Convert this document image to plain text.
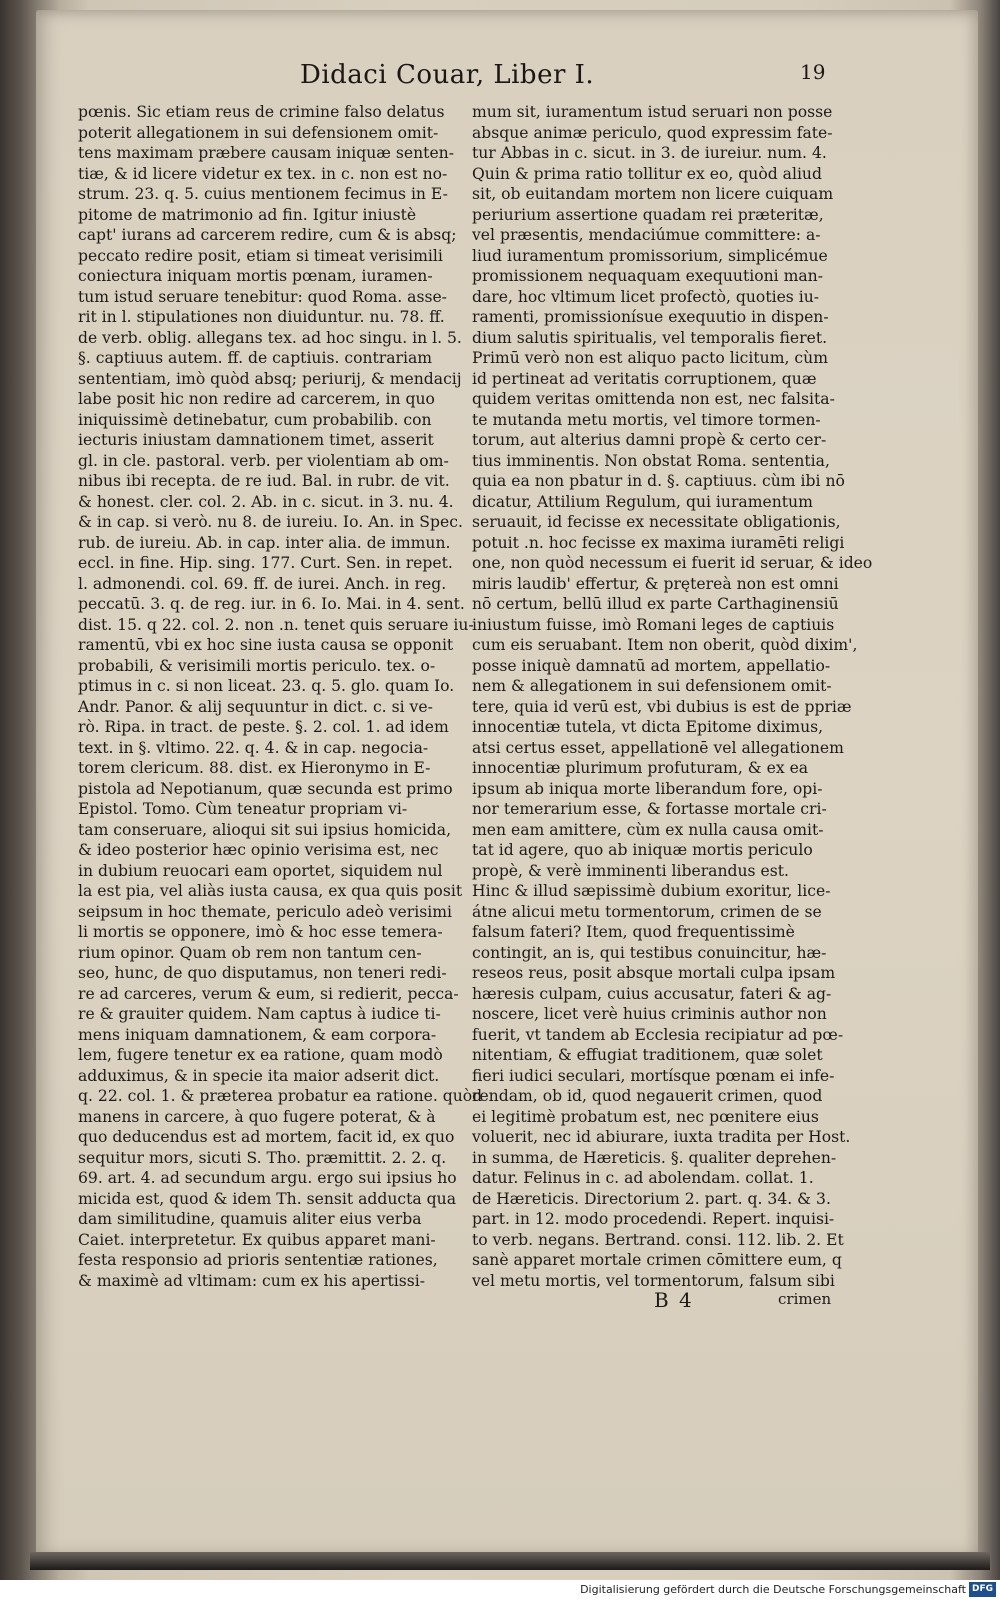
Didaci Couar, Liber I.	19
pœnis. Sic etiam reus de crimine falso delatus
poterit allegationem in sui defensionem omit-
tens maximam præbere causam iniquæ senten-
tiæ, & id licere videtur ex tex. in c. non est no-
strum. 23. q. 5. cuius mentionem fecimus in E-
pitome de matrimonio ad fin. Igitur iniustè
capt' iurans ad carcerem redire, cum & is absq;
peccato redire posit, etiam si timeat verisimili
coniectura iniquam mortis pœnam, iuramen-
tum istud seruare tenebitur: quod Roma. asse-
rit in l. stipulationes non diuiduntur. nu. 78. ff.
de verb. oblig. allegans tex. ad hoc singu. in l. 5.
§. captiuus autem. ff. de captiuis. contrariam
sententiam, imò quòd absq; periurij, & mendacij
labe posit hic non redire ad carcerem, in quo
iniquissimè detinebatur, cum probabilib. con
iecturis iniustam damnationem timet, asserit
gl. in cle. pastoral. verb. per violentiam ab om-
nibus ibi recepta. de re iud. Bal. in rubr. de vit.
& honest. cler. col. 2. Ab. in c. sicut. in 3. nu. 4.
& in cap. si verò. nu 8. de iureiu. Io. An. in Spec.
rub. de iureiu. Ab. in cap. inter alia. de immun.
eccl. in fine. Hip. sing. 177. Curt. Sen. in repet.
l. admonendi. col. 69. ff. de iurei. Anch. in reg.
peccatū. 3. q. de reg. iur. in 6. Io. Mai. in 4. sent.
dist. 15. q 22. col. 2. non .n. tenet quis seruare iu-
ramentū, vbi ex hoc sine iusta causa se opponit
probabili, & verisimili mortis periculo. tex. o-
ptimus in c. si non liceat. 23. q. 5. glo. quam Io.
Andr. Panor. & alij sequuntur in dict. c. si ve-
rò. Ripa. in tract. de peste. §. 2. col. 1. ad idem
text. in §. vltimo. 22. q. 4. & in cap. negocia-
torem clericum. 88. dist. ex Hieronymo in E-
pistola ad Nepotianum, quæ secunda est primo
Epistol. Tomo. Cùm teneatur propriam vi-
tam conseruare, alioqui sit sui ipsius homicida,
& ideo posterior hæc opinio verisima est, nec
in dubium reuocari eam oportet, siquidem nul
la est pia, vel aliàs iusta causa, ex qua quis posit
seipsum in hoc themate, periculo adeò verisimi
li mortis se opponere, imò & hoc esse temera-
rium opinor. Quam ob rem non tantum cen-
seo, hunc, de quo disputamus, non teneri redi-
re ad carceres, verum & eum, si redierit, pecca-
re & grauiter quidem. Nam captus à iudice ti-
mens iniquam damnationem, & eam corpora-
lem, fugere tenetur ex ea ratione, quam modò
adduximus, & in specie ita maior adserit dict.
q. 22. col. 1. & præterea probatur ea ratione. quòd
manens in carcere, à quo fugere poterat, & à
quo deducendus est ad mortem, facit id, ex quo
sequitur mors, sicuti S. Tho. præmittit. 2. 2. q.
69. art. 4. ad secundum argu. ergo sui ipsius ho
micida est, quod & idem Th. sensit adducta qua
dam similitudine, quamuis aliter eius verba
Caiet. interpretetur. Ex quibus apparet mani-
festa responsio ad prioris sententiæ rationes,
& maximè ad vltimam: cum ex his apertissi-
mum sit, iuramentum istud seruari non posse
absque animæ periculo, quod expressim fate-
tur Abbas in c. sicut. in 3. de iureiur. num. 4.
Quin & prima ratio tollitur ex eo, quòd aliud
sit, ob euitandam mortem non licere cuiquam
periurium assertione quadam rei præteritæ,
vel præsentis, mendaciúmue committere: a-
liud iuramentum promissorium, simplicémue
promissionem nequaquam exequutioni man-
dare, hoc vltimum licet profectò, quoties iu-
ramenti, promissionísue exequutio in dispen-
dium salutis spiritualis, vel temporalis fieret.
Primū verò non est aliquo pacto licitum, cùm
id pertineat ad veritatis corruptionem, quæ
quidem veritas omittenda non est, nec falsita-
te mutanda metu mortis, vel timore tormen-
torum, aut alterius damni propè & certo cer-
tius imminentis. Non obstat Roma. sententia,
quia ea non pbatur in d. §. captiuus. cùm ibi nō
dicatur, Attilium Regulum, qui iuramentum
seruauit, id fecisse ex necessitate obligationis,
potuit .n. hoc fecisse ex maxima iuramēti religi
one, non quòd necessum ei fuerit id seruar, & ideo
miris laudib' effertur, & prętereà non est omni
nō certum, bellū illud ex parte Carthaginensiū
iniustum fuisse, imò Romani leges de captiuis
cum eis seruabant. Item non oberit, quòd dixim',
posse iniquè damnatū ad mortem, appellatio-
nem & allegationem in sui defensionem omit-
tere, quia id verū est, vbi dubius is est de ppriæ
innocentiæ tutela, vt dicta Epitome diximus,
atsi certus esset, appellationē vel allegationem
innocentiæ plurimum profuturam, & ex ea
ipsum ab iniqua morte liberandum fore, opi-
nor temerarium esse, & fortasse mortale cri-
men eam amittere, cùm ex nulla causa omit-
tat id agere, quo ab iniquæ mortis periculo
propè, & verè imminenti liberandus est.
Hinc & illud sæpissimè dubium exoritur, lice-
átne alicui metu tormentorum, crimen de se
falsum fateri? Item, quod frequentissimè
contingit, an is, qui testibus conuincitur, hæ-
reseos reus, posit absque mortali culpa ipsam
hæresis culpam, cuius accusatur, fateri & ag-
noscere, licet verè huius criminis author non
fuerit, vt tandem ab Ecclesia recipiatur ad pœ-
nitentiam, & effugiat traditionem, quæ solet
fieri iudici seculari, mortísque pœnam ei infe-
rendam, ob id, quod negauerit crimen, quod
ei legitimè probatum est, nec pœnitere eius
voluerit, nec id abiurare, iuxta tradita per Host.
in summa, de Hæreticis. §. qualiter deprehen-
datur. Felinus in c. ad abolendam. collat. 1.
de Hæreticis. Directorium 2. part. q. 34. & 3.
part. in 12. modo procedendi. Repert. inquisi-
to verb. negans. Bertrand. consi. 112. lib. 2. Et
sanè apparet mortale crimen cōmittere eum, q
vel metu mortis, vel tormentorum, falsum sibi
B 4	crimen
Digitalisierung gefördert durch die Deutsche Forschungsgemeinschaft DFG
